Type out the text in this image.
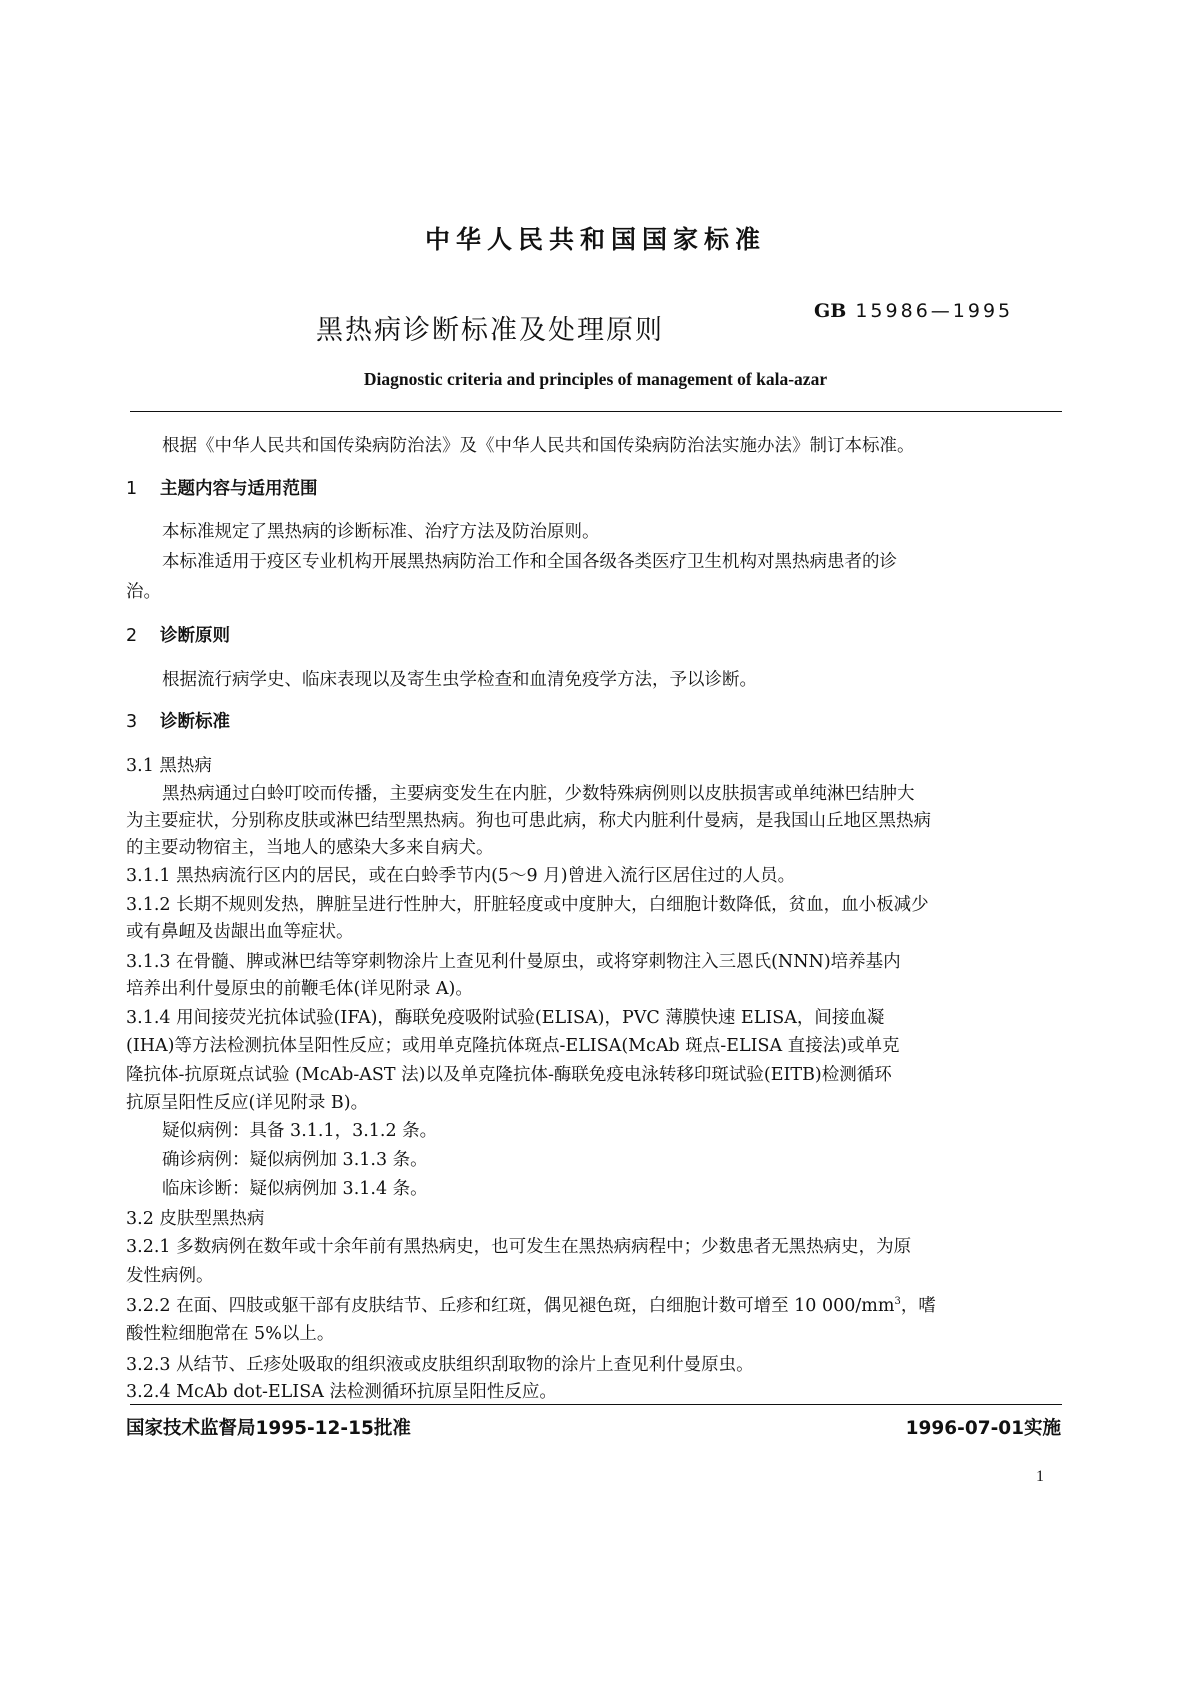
中华人民共和国国家标准
黑热病诊断标准及处理原则
GB 15986—1995
Diagnostic criteria and principles of management of kala-azar
根据《中华人民共和国传染病防治法》及《中华人民共和国传染病防治法实施办法》制订本标准。
1 主题内容与适用范围
本标准规定了黑热病的诊断标准、治疗方法及防治原则。
本标准适用于疫区专业机构开展黑热病防治工作和全国各级各类医疗卫生机构对黑热病患者的诊
治。
2 诊断原则
根据流行病学史、临床表现以及寄生虫学检查和血清免疫学方法，予以诊断。
3 诊断标准
3.1 黑热病
黑热病通过白蛉叮咬而传播，主要病变发生在内脏，少数特殊病例则以皮肤损害或单纯淋巴结肿大
为主要症状，分别称皮肤或淋巴结型黑热病。狗也可患此病，称犬内脏利什曼病，是我国山丘地区黑热病
的主要动物宿主，当地人的感染大多来自病犬。
3.1.1 黑热病流行区内的居民，或在白蛉季节内(5～9 月)曾进入流行区居住过的人员。
3.1.2 长期不规则发热，脾脏呈进行性肿大，肝脏轻度或中度肿大，白细胞计数降低，贫血，血小板减少
或有鼻衄及齿龈出血等症状。
3.1.3 在骨髓、脾或淋巴结等穿刺物涂片上查见利什曼原虫，或将穿刺物注入三恩氏(NNN)培养基内
培养出利什曼原虫的前鞭毛体(详见附录 A)。
3.1.4 用间接荧光抗体试验(IFA)，酶联免疫吸附试验(ELISA)，PVC 薄膜快速 ELISA，间接血凝
(IHA)等方法检测抗体呈阳性反应；或用单克隆抗体斑点-ELISA(McAb 斑点-ELISA 直接法)或单克
隆抗体-抗原斑点试验 (McAb-AST 法)以及单克隆抗体-酶联免疫电泳转移印斑试验(EITB)检测循环
抗原呈阳性反应(详见附录 B)。
疑似病例：具备 3.1.1，3.1.2 条。
确诊病例：疑似病例加 3.1.3 条。
临床诊断：疑似病例加 3.1.4 条。
3.2 皮肤型黑热病
3.2.1 多数病例在数年或十余年前有黑热病史，也可发生在黑热病病程中；少数患者无黑热病史，为原
发性病例。
3.2.2 在面、四肢或躯干部有皮肤结节、丘疹和红斑，偶见褪色斑，白细胞计数可增至 10 $000/mm^3$，嗜
酸性粒细胞常在 5%以上。
3.2.3 从结节、丘疹处吸取的组织液或皮肤组织刮取物的涂片上查见利什曼原虫。
3.2.4 McAb dot-ELISA 法检测循环抗原呈阳性反应。
国家技术监督局1995-12-15批准	1996-07-01实施
1
